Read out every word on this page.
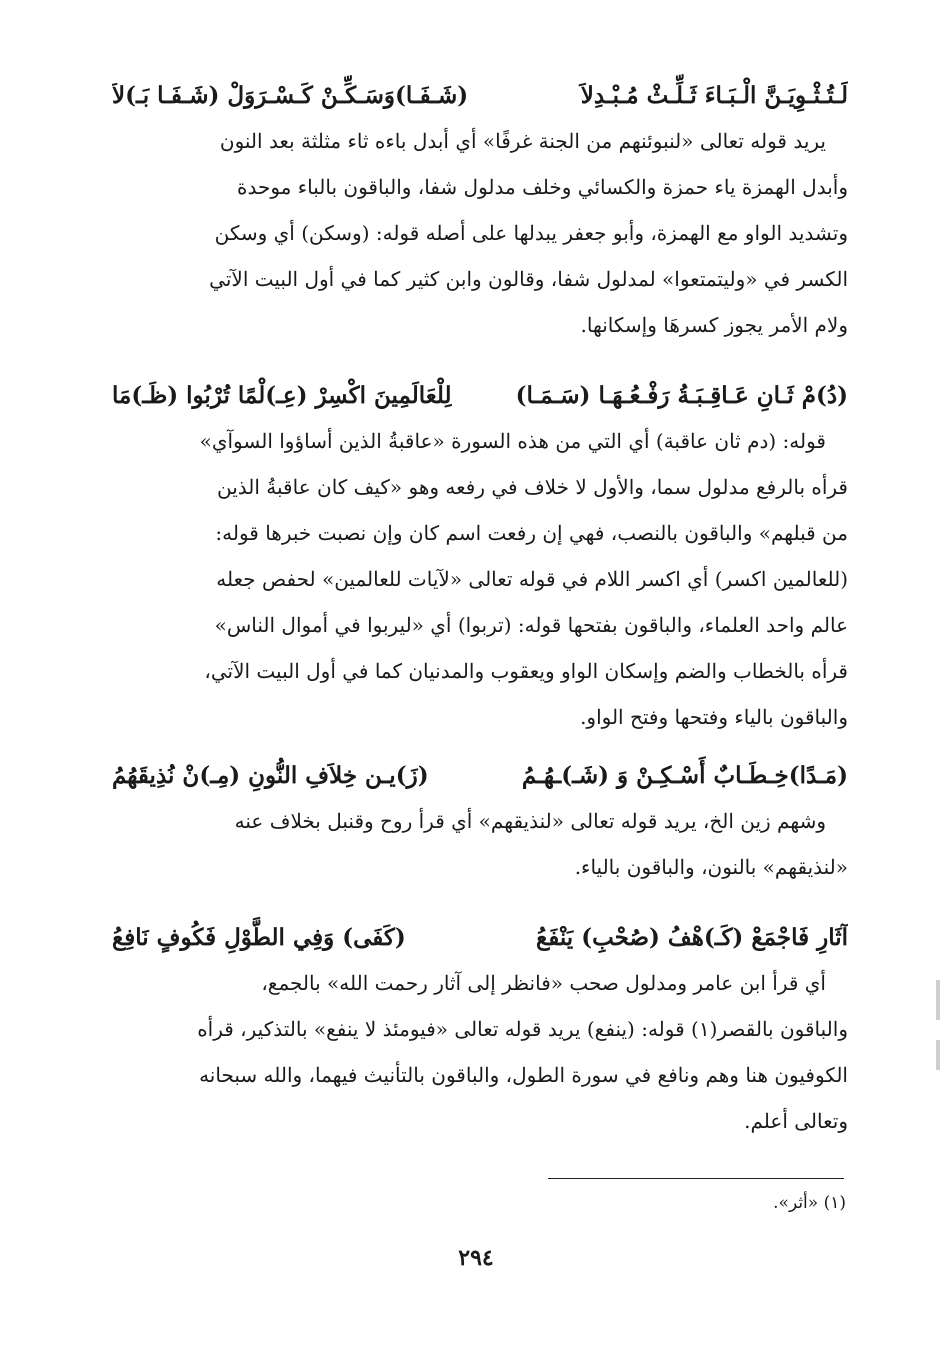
لَـتُـثْـوِيَـنَّ الْـبَـاءَ ثَـلِّـثْ مُـبْـدِلاَ
(شَـفَـا)وَسَـكِّـنْ كَـسْـرَوَلْ (شَـفَـا بَـ)لاَ

يريد قوله تعالى «لنبوئنهم من الجنة غرفًا» أي أبدل باءه ثاء مثلثة بعد النون
وأبدل الهمزة ياء حمزة والكسائي وخلف مدلول شفا، والباقون بالباء موحدة
وتشديد الواو مع الهمزة، وأبو جعفر يبدلها على أصله قوله: (وسكن) أي وسكن
الكسر في «وليتمتعوا» لمدلول شفا، وقالون وابن كثير كما في أول البيت الآتي
ولام الأمر يجوز كسرهَا وإسكانها.

(دُ)مْ ثَـانِ عَـاقِـبَـةُ رَفْـعُـهَـا (سَـمَـا)
لِلْعَالَمِينَ اكْسِرْ (عِـ)لْمًا تُرْبُوا (ظَـ)مَا

قوله: (دم ثان عاقبة) أي التي من هذه السورة «عاقبةُ الذين أساؤوا السوآي»
قرأه بالرفع مدلول سما، والأول لا خلاف في رفعه وهو «كيف كان عاقبةُ الذين
من قبلهم» والباقون بالنصب، فهي إن رفعت اسم كان وإن نصبت خبرها قوله:
(للعالمين اكسر) أي اكسر اللام في قوله تعالى «لآيات للعالمين» لحفص جعله
عالم واحد العلماء، والباقون بفتحها قوله: (تربوا) أي «ليربوا في أموال الناس»
قرأه بالخطاب والضم وإسكان الواو ويعقوب والمدنيان كما في أول البيت الآتي،
والباقون بالياء وفتحها وفتح الواو.

(مَـدًا)خِـطَـابٌ أَسْـكِـنْ وَ (شَـ)ـهُـمُ
(زَ)يـن خِلاَفِ النُّونِ (مِـ)نْ نُذِيقَهُمُ

وشهم زين الخ، يريد قوله تعالى «لنذيقهم» أي قرأ روح وقنبل بخلاف عنه
«لنذيقهم» بالنون، والباقون بالياء.

آثَارِ فَاجْمَعْ (كَـ)هْفُ (صُحْبِ) يَنْفَعُ
(كَفَى) وَفِي الطَّوْلِ فَكُوفٍ نَافِعُ

أي قرأ ابن عامر ومدلول صحب «فانظر إلى آثار رحمت الله» بالجمع،
والباقون بالقصر(١) قوله: (ينفع) يريد قوله تعالى «فيومئذ لا ينفع» بالتذكير، قرأه
الكوفيون هنا وهم ونافع في سورة الطول، والباقون بالتأنيث فيهما، والله سبحانه
وتعالى أعلم.

(١) «أثر».
٢٩٤
